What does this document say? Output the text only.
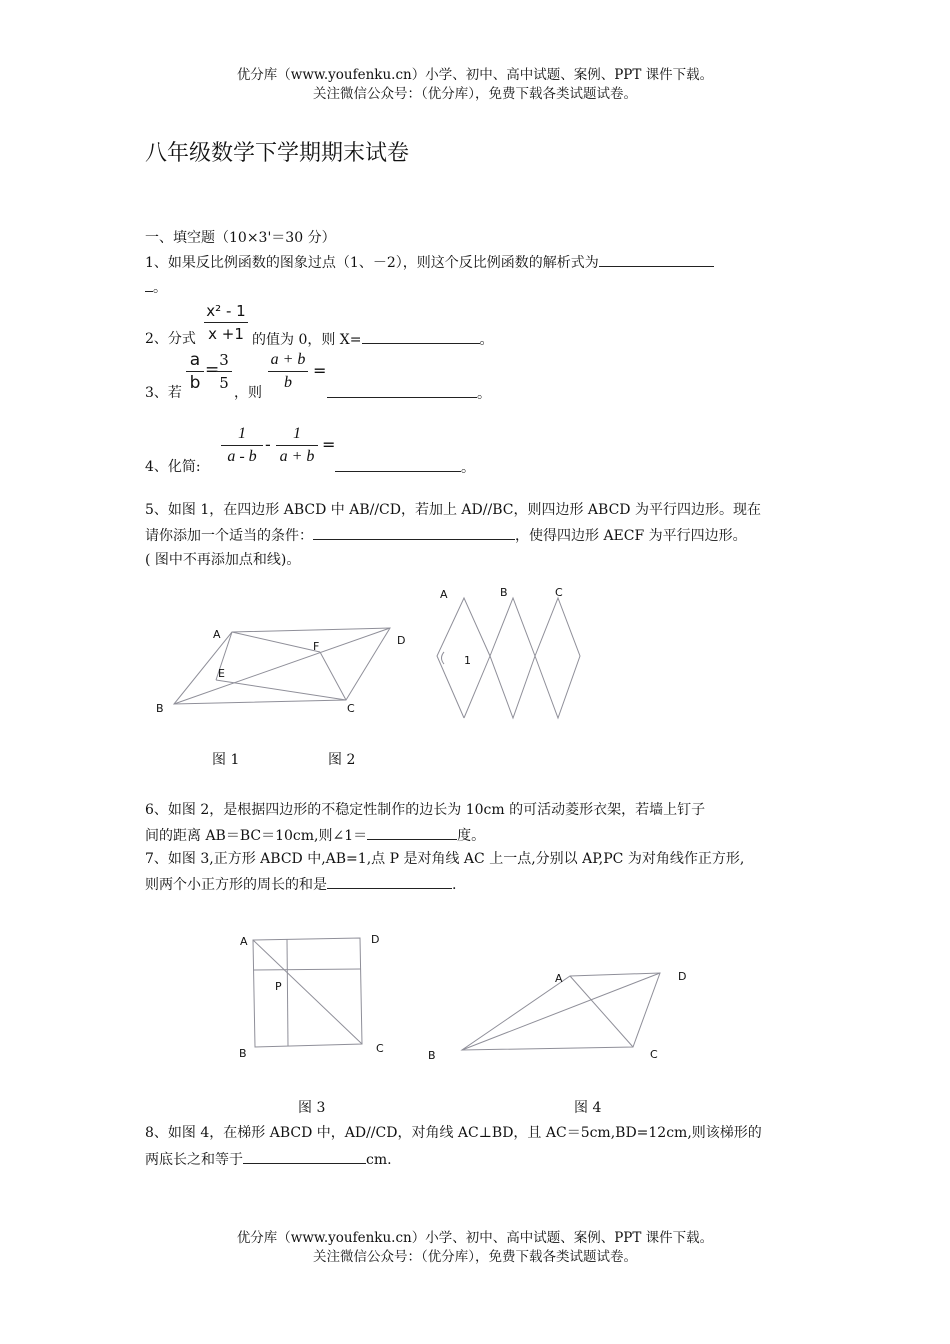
优分库（www.youfenku.cn）小学、初中、高中试题、案例、PPT 课件下载。
关注微信公众号：（优分库），免费下载各类试题试卷。
八年级数学下学期期末试卷
一、填空题（10×3'＝30 分）
1、如果反比例函数的图象过点（1、－2），则这个反比例函数的解析式为
。
2、分式
x² - 1
x +1 的值为 0，则 X=	。
3、若
a
b
= 3
5
，则
a + b
b
=
。
4、化简:
1
a - b
-
1
a + b
=
。
5、如图 1，在四边形 ABCD 中 AB//CD，若加上 AD//BC，则四边形 ABCD 为平行四边形。现在
请你添加一个适当的条件：	，使得四边形 AECF 为平行四边形。
( 图中不再添加点和线)。
A
B	C
D
E
F
A	B	C
1
图 1	图 2
6、如图 2，是根据四边形的不稳定性制作的边长为 10cm 的可活动菱形衣架，若墙上钉子
间的距离 AB＝BC＝10cm,则∠1＝	度。
7、如图 3,正方形 ABCD 中,AB=1,点 P 是对角线 AC 上一点,分别以 AP,PC 为对角线作正方形,
则两个小正方形的周长的和是	.
A
B	C
D
P
A
B	C
D
图 3	图 4
8、如图 4，在梯形 ABCD 中，AD//CD，对角线 AC⊥BD，且 AC＝5cm,BD=12cm,则该梯形的
两底长之和等于	cm.
优分库（www.youfenku.cn）小学、初中、高中试题、案例、PPT 课件下载。
关注微信公众号：（优分库），免费下载各类试题试卷。
